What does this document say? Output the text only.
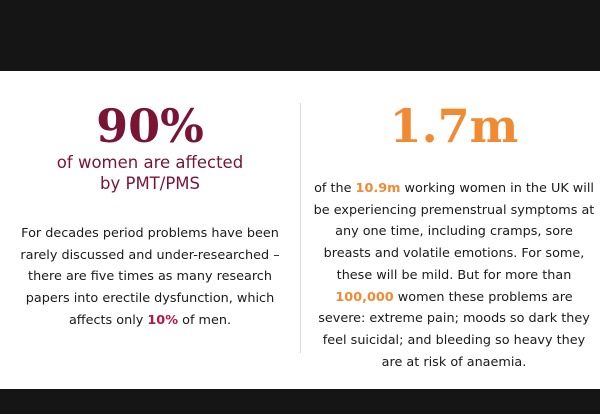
90%
of women are affected
by PMT/PMS

For decades period problems have been rarely discussed and under-researched – there are five times as many research papers into erectile dysfunction, which affects only 10% of men.

1.7m

of the 10.9m working women in the UK will be experiencing premenstrual symptoms at any one time, including cramps, sore breasts and volatile emotions. For some, these will be mild. But for more than 100,000 women these problems are severe: extreme pain; moods so dark they feel suicidal; and bleeding so heavy they are at risk of anaemia.
